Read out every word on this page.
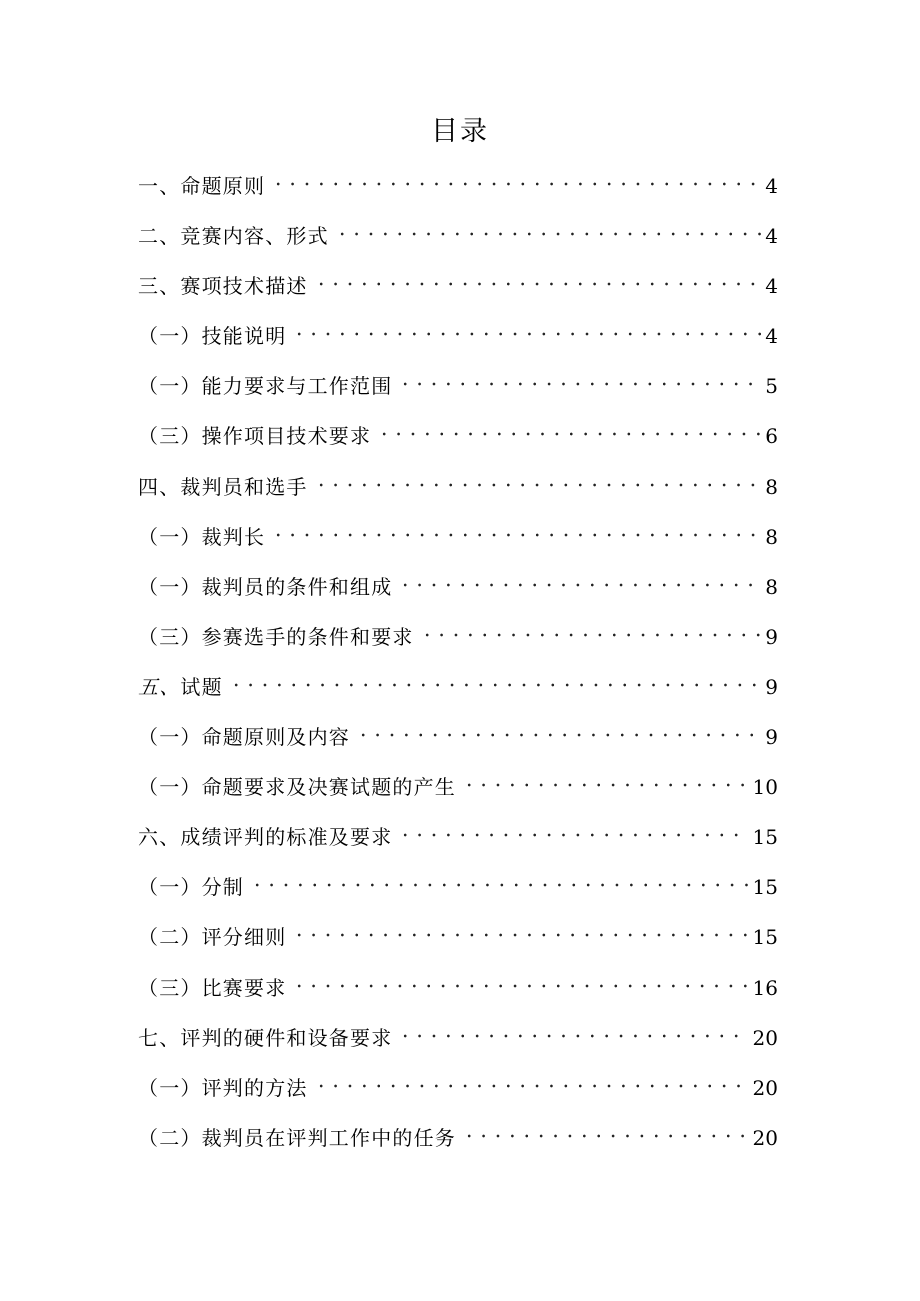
目录
一、命题原则	4
二、竞赛内容、形式	4
三、赛项技术描述	4
（一）技能说明	4
（一）能力要求与工作范围	5
（三）操作项目技术要求	6
四、裁判员和选手	8
（一）裁判长	8
（一）裁判员的条件和组成	8
（三）参赛选手的条件和要求	9
五、试题	9
（一）命题原则及内容	9
（一）命题要求及决赛试题的产生	10
六、成绩评判的标准及要求	15
（一）分制	15
（二）评分细则	15
（三）比赛要求	16
七、评判的硬件和设备要求	20
（一）评判的方法	20
（二）裁判员在评判工作中的任务	20
